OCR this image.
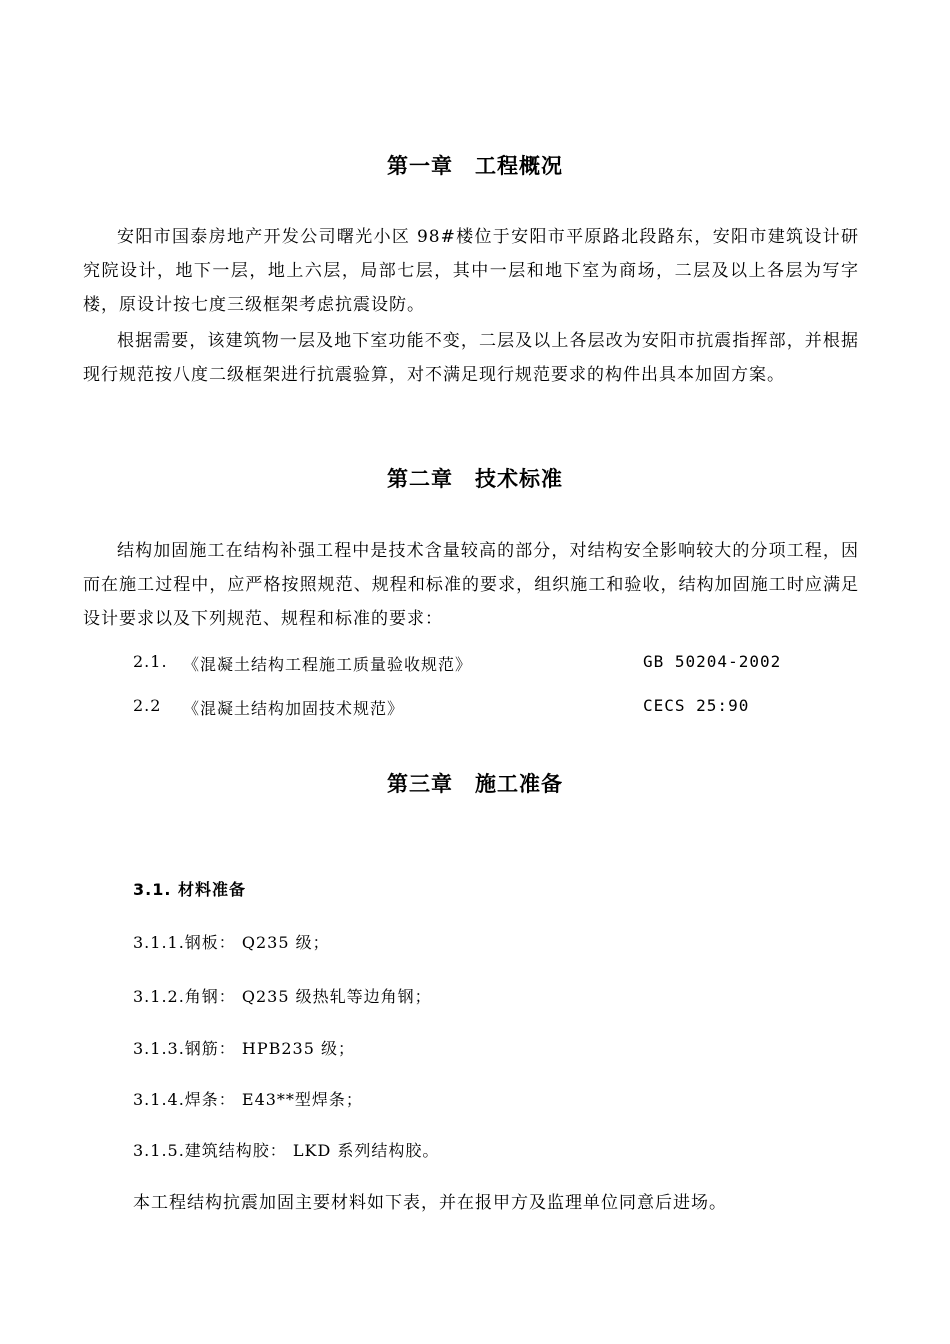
第一章　工程概况
安阳市国泰房地产开发公司曙光小区 98#楼位于安阳市平原路北段路东，安阳市建筑设计研究院设计，地下一层，地上六层，局部七层，其中一层和地下室为商场，二层及以上各层为写字楼，原设计按七度三级框架考虑抗震设防。
根据需要，该建筑物一层及地下室功能不变，二层及以上各层改为安阳市抗震指挥部，并根据现行规范按八度二级框架进行抗震验算，对不满足现行规范要求的构件出具本加固方案。
第二章　技术标准
结构加固施工在结构补强工程中是技术含量较高的部分，对结构安全影响较大的分项工程，因而在施工过程中，应严格按照规范、规程和标准的要求，组织施工和验收，结构加固施工时应满足设计要求以及下列规范、规程和标准的要求：
2.1. 《混凝土结构工程施工质量验收规范》	GB 50204-2002
2.2 《混凝土结构加固技术规范》	CECS 25:90
第三章　施工准备
3.1. 材料准备
3.1.1.钢板： Q235 级；
3.1.2.角钢： Q235 级热轧等边角钢；
3.1.3.钢筋： HPB235 级；
3.1.4.焊条： E43**型焊条；
3.1.5.建筑结构胶： LKD 系列结构胶。
本工程结构抗震加固主要材料如下表，并在报甲方及监理单位同意后进场。
